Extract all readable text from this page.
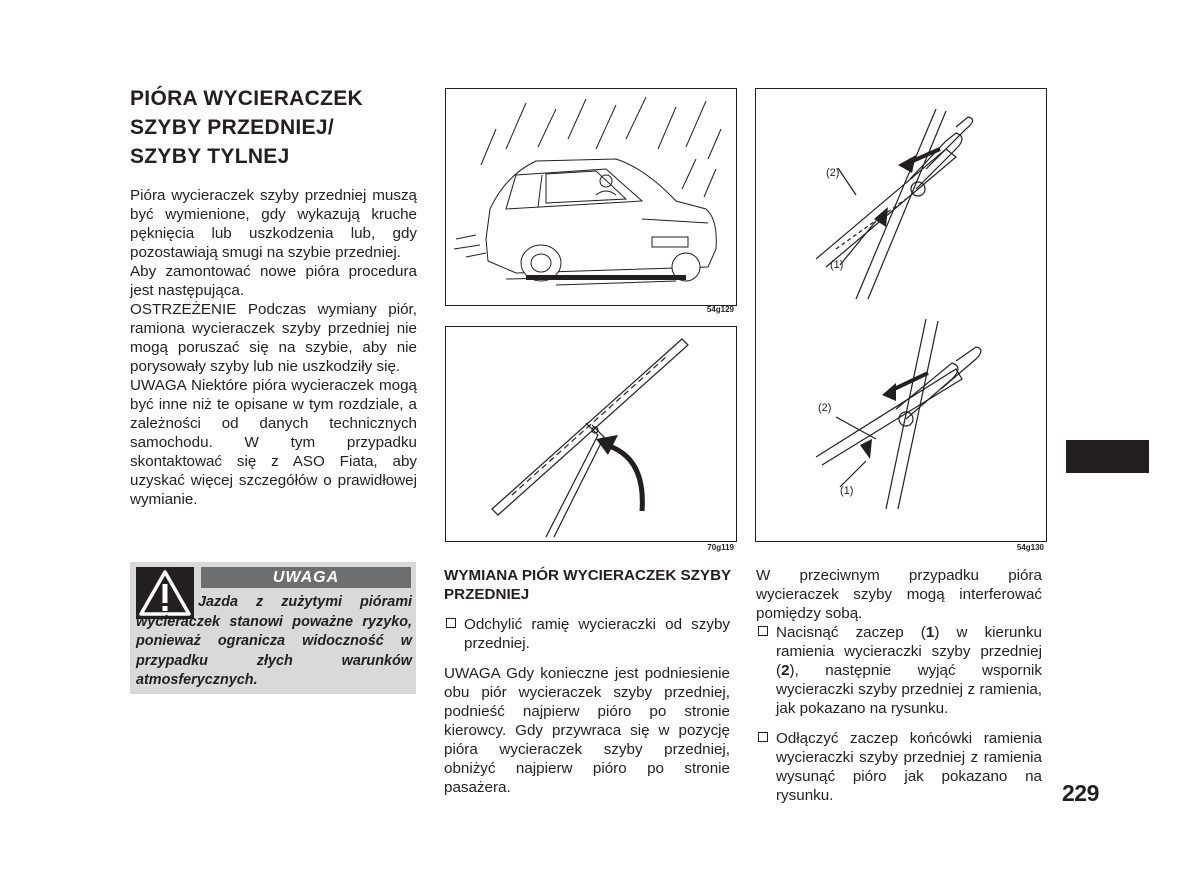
PIÓRA WYCIERACZEK
SZYBY PRZEDNIEJ/
SZYBY TYLNEJ

Pióra wycieraczek szyby przedniej muszą być wymienione, gdy wykazują kruche pęknięcia lub uszkodzenia lub, gdy pozostawiają smugi na szybie przedniej.

Aby zamontować nowe pióra procedura jest następująca.

OSTRZEŻENIE Podczas wymiany piór, ramiona wycieraczek szyby przedniej nie mogą poruszać się na szybie, aby nie porysowały szyby lub nie uszkodziły się.

UWAGA Niektóre pióra wycieraczek mogą być inne niż te opisane w tym rozdziale, a zależności od danych technicznych samochodu. W tym przypadku skontaktować się z ASO Fiata, aby uzyskać więcej szczegółów o prawidłowej wymianie.

UWAGA
Jazda z zużytymi piórami wycieraczek stanowi poważne ryzyko, ponieważ ogranicza widoczność w przypadku złych warunków atmosferycznych.
54g129
70g119
(2)
(1)
(2)
(1)
54g130
WYMIANA PIÓR WYCIERACZEK SZYBY PRZEDNIEJ
Odchylić ramię wycieraczki od szyby przedniej.

UWAGA Gdy konieczne jest podniesienie obu piór wycieraczek szyby przedniej, podnieść najpierw pióro po stronie kierowcy. Gdy przywraca się w pozycję pióra wycieraczek szyby przedniej, obniżyć najpierw pióro po stronie pasażera.

W przeciwnym przypadku pióra wycieraczek szyby mogą interferować pomiędzy sobą.

Nacisnąć zaczep (1) w kierunku ramienia wycieraczki szyby przedniej (2), następnie wyjąć wspornik wycieraczki szyby przedniej z ramienia, jak pokazano na rysunku.
Odłączyć zaczep końcówki ramienia wycieraczki szyby przedniej z ramienia wysunąć pióro jak pokazano na rysunku.	229
